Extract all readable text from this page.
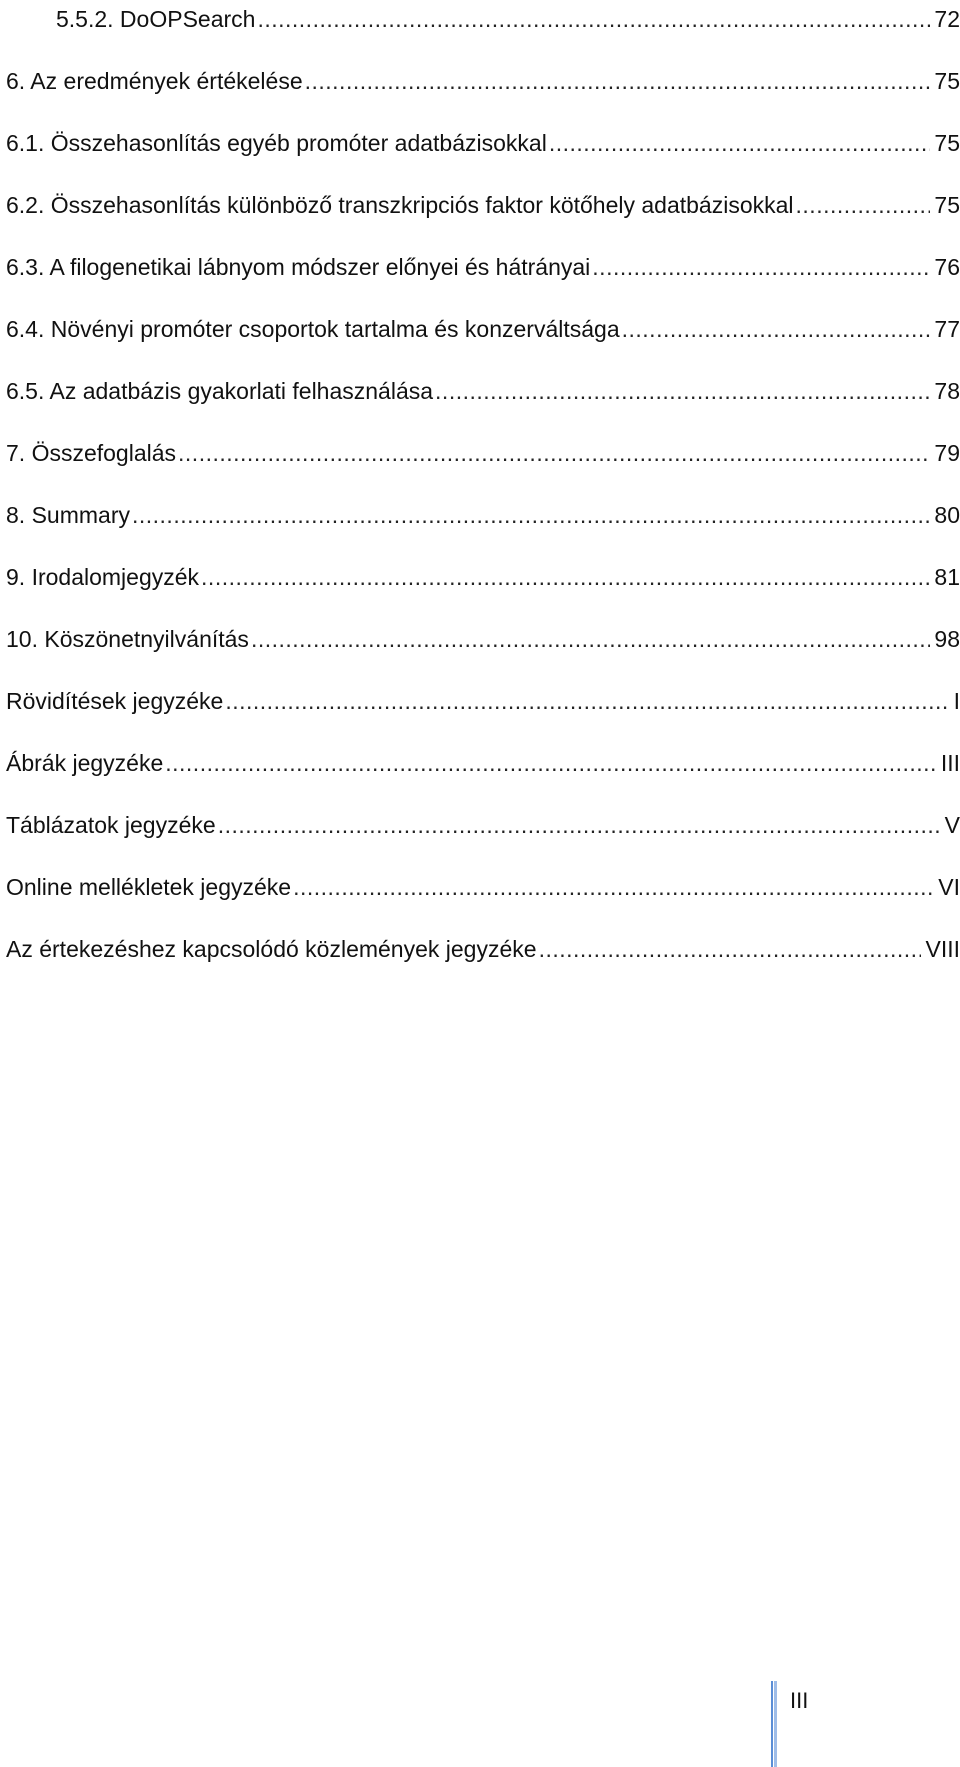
5.5.2. DoOPSearch .....	72
6. Az eredmények értékelése .....	75
6.1. Összehasonlítás egyéb promóter adatbázisokkal .....	75
6.2. Összehasonlítás különböző transzkripciós faktor kötőhely adatbázisokkal .....	75
6.3. A filogenetikai lábnyom módszer előnyei és hátrányai .....	76
6.4. Növényi promóter csoportok tartalma és konzerváltsága .....	77
6.5. Az adatbázis gyakorlati felhasználása .....	78
7. Összefoglalás .....	79
8. Summary .....	80
9. Irodalomjegyzék .....	81
10. Köszönetnyilvánítás .....	98
Rövidítések jegyzéke .....	I
Ábrák jegyzéke .....	III
Táblázatok jegyzéke .....	V
Online mellékletek jegyzéke .....	VI
Az értekezéshez kapcsolódó közlemények jegyzéke .....	VIII
III
